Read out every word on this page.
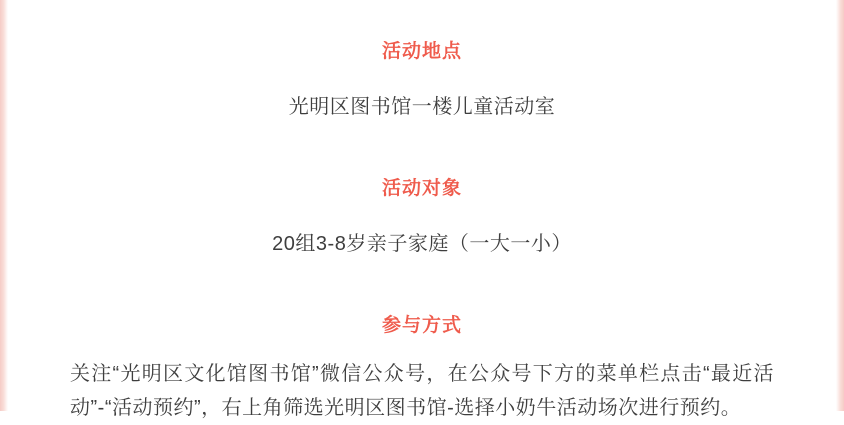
活动地点
光明区图书馆一楼儿童活动室
活动对象
20组3-8岁亲子家庭（一大一小）
参与方式
关注“光明区文化馆图书馆”微信公众号，在公众号下方的菜单栏点击“最近活动”-“活动预约”，右上角筛选光明区图书馆-选择小奶牛活动场次进行预约。
